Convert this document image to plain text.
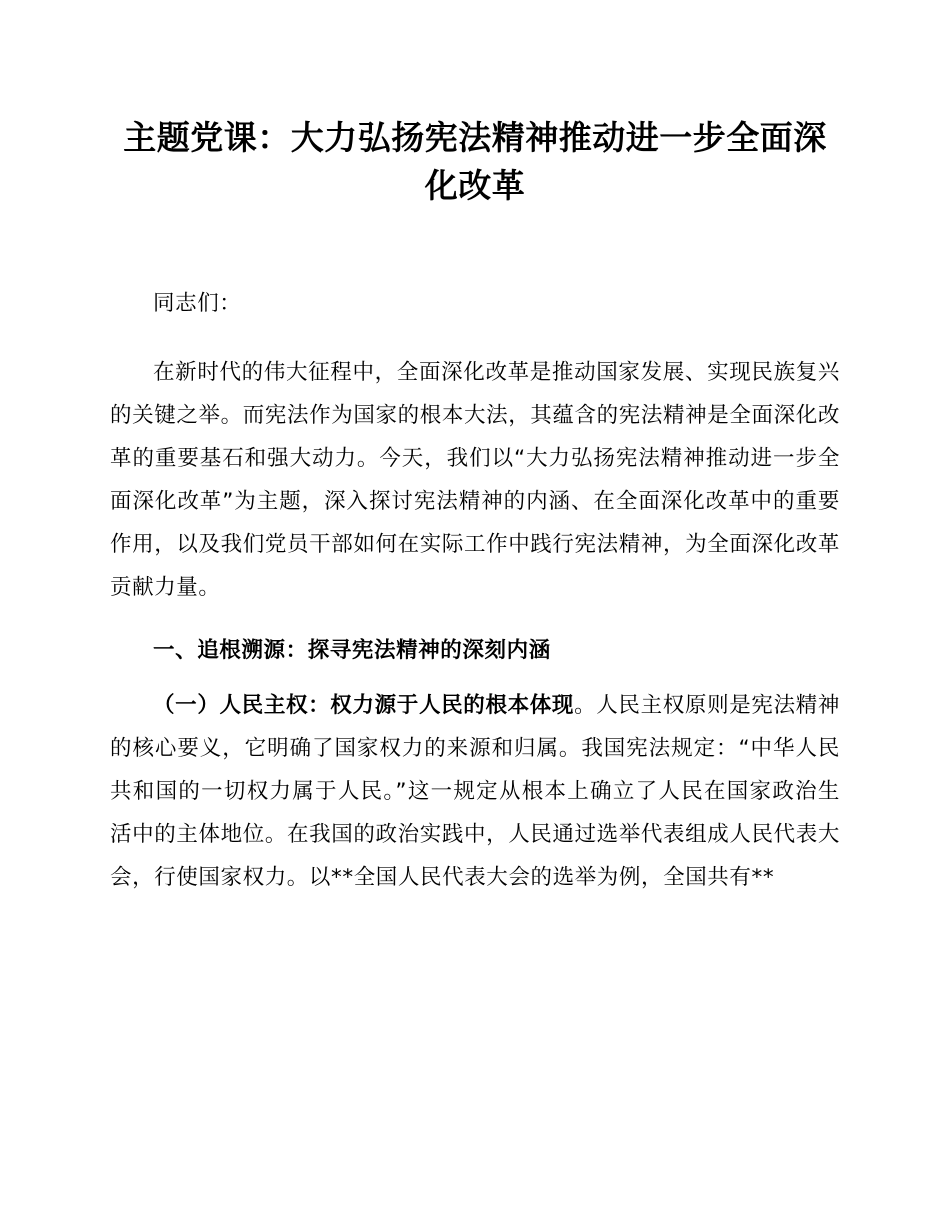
主题党课：大力弘扬宪法精神推动进一步全面深化改革

同志们：

在新时代的伟大征程中，全面深化改革是推动国家发展、实现民族复兴的关键之举。而宪法作为国家的根本大法，其蕴含的宪法精神是全面深化改革的重要基石和强大动力。今天，我们以“大力弘扬宪法精神推动进一步全面深化改革”为主题，深入探讨宪法精神的内涵、在全面深化改革中的重要作用，以及我们党员干部如何在实际工作中践行宪法精神，为全面深化改革贡献力量。

一、追根溯源：探寻宪法精神的深刻内涵

（一）人民主权：权力源于人民的根本体现。人民主权原则是宪法精神的核心要义，它明确了国家权力的来源和归属。我国宪法规定：“中华人民共和国的一切权力属于人民。”这一规定从根本上确立了人民在国家政治生活中的主体地位。在我国的政治实践中，人民通过选举代表组成人民代表大会，行使国家权力。以**全国人民代表大会的选举为例，全国共有**
